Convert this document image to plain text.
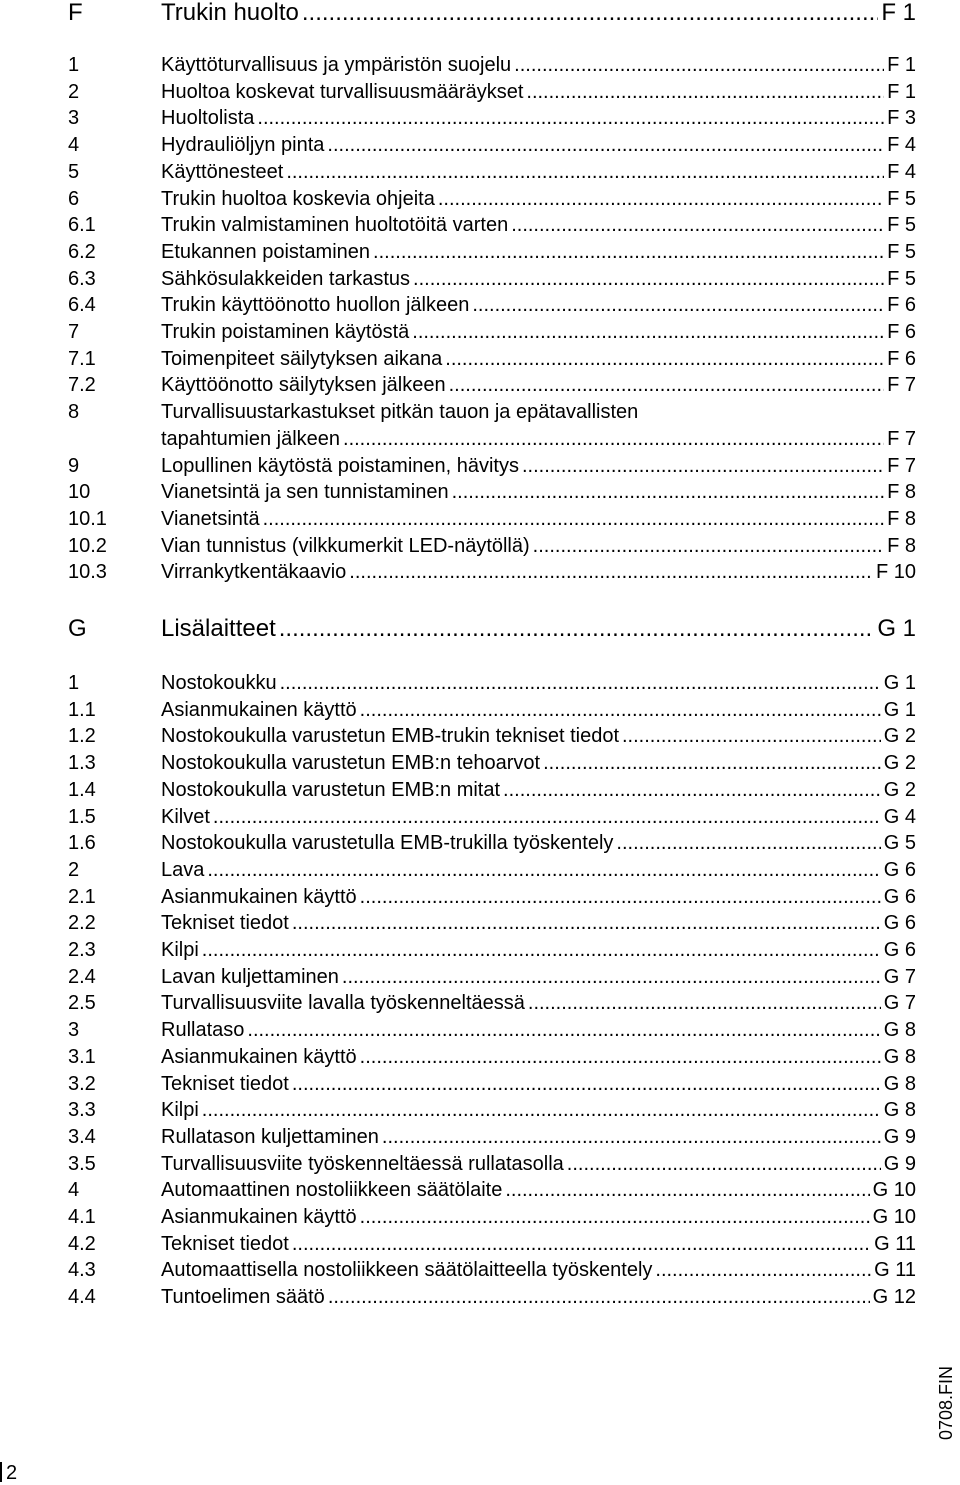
F	Trukin huolto .....	F 1
1	Käyttöturvallisuus ja ympäristön suojelu .....	F 1
2	Huoltoa koskevat turvallisuusmääräykset .....	F 1
3	Huoltolista .....	F 3
4	Hydrauliöljyn pinta .....	F 4
5	Käyttönesteet .....	F 4
6	Trukin huoltoa koskevia ohjeita .....	F 5
6.1	Trukin valmistaminen huoltotöitä varten .....	F 5
6.2	Etukannen poistaminen .....	F 5
6.3	Sähkösulakkeiden tarkastus .....	F 5
6.4	Trukin käyttöönotto huollon jälkeen .....	F 6
7	Trukin poistaminen käytöstä .....	F 6
7.1	Toimenpiteet säilytyksen aikana .....	F 6
7.2	Käyttöönotto säilytyksen jälkeen .....	F 7
8	Turvallisuustarkastukset pitkän tauon ja epätavallisten
tapahtumien jälkeen .....	F 7
9	Lopullinen käytöstä poistaminen, hävitys .....	F 7
10	Vianetsintä ja sen tunnistaminen .....	F 8
10.1	Vianetsintä .....	F 8
10.2	Vian tunnistus (vilkkumerkit LED-näytöllä) .....	F 8
10.3	Virrankytkentäkaavio .....	F 10
G	Lisälaitteet .....	G 1
1	Nostokoukku .....	G 1
1.1	Asianmukainen käyttö .....	G 1
1.2	Nostokoukulla varustetun EMB-trukin tekniset tiedot .....	G 2
1.3	Nostokoukulla varustetun EMB:n tehoarvot .....	G 2
1.4	Nostokoukulla varustetun EMB:n mitat .....	G 2
1.5	Kilvet .....	G 4
1.6	Nostokoukulla varustetulla EMB-trukilla työskentely .....	G 5
2	Lava .....	G 6
2.1	Asianmukainen käyttö .....	G 6
2.2	Tekniset tiedot .....	G 6
2.3	Kilpi .....	G 6
2.4	Lavan kuljettaminen .....	G 7
2.5	Turvallisuusviite lavalla työskenneltäessä .....	G 7
3	Rullataso .....	G 8
3.1	Asianmukainen käyttö .....	G 8
3.2	Tekniset tiedot .....	G 8
3.3	Kilpi .....	G 8
3.4	Rullatason kuljettaminen .....	G 9
3.5	Turvallisuusviite työskenneltäessä rullatasolla .....	G 9
4	Automaattinen nostoliikkeen säätölaite .....	G 10
4.1	Asianmukainen käyttö .....	G 10
4.2	Tekniset tiedot .....	G 11
4.3	Automaattisella nostoliikkeen säätölaitteella työskentely .....	G 11
4.4	Tuntoelimen säätö .....	G 12
0708.FIN
2
